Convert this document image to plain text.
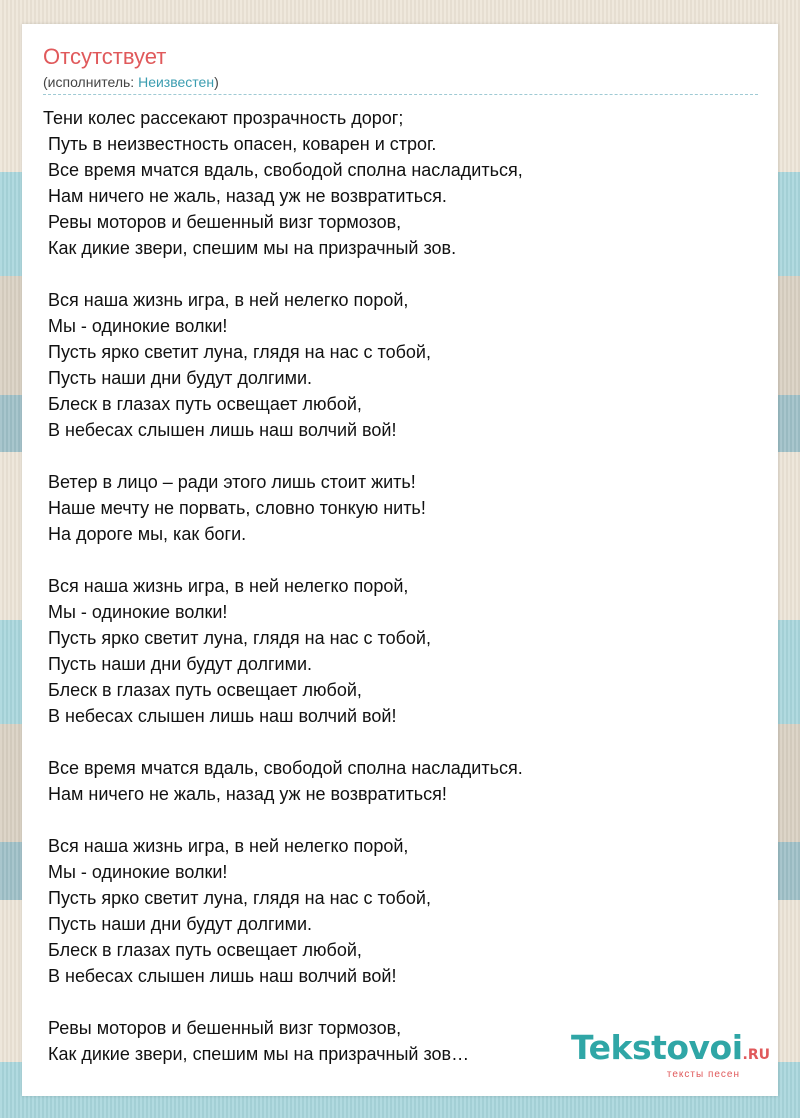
Отсутствует
(исполнитель: Неизвестен)
Тени колес рассекают прозрачность дорог;
Путь в неизвестность опасен, коварен и строг.
Все время мчатся вдаль, свободой сполна насладиться,
Нам ничего не жаль, назад уж не возвратиться.
Ревы моторов и бешенный визг тормозов,
Как дикие звери, спешим мы на призрачный зов.
Вся наша жизнь игра, в ней нелегко порой,
Мы - одинокие волки!
Пусть ярко светит луна, глядя на нас с тобой,
Пусть наши дни будут долгими.
Блеск в глазах путь освещает любой,
В небесах слышен лишь наш волчий вой!
Ветер в лицо – ради этого лишь стоит жить!
Наше мечту не порвать, словно тонкую нить!
На дороге мы, как боги.
Вся наша жизнь игра, в ней нелегко порой,
Мы - одинокие волки!
Пусть ярко светит луна, глядя на нас с тобой,
Пусть наши дни будут долгими.
Блеск в глазах путь освещает любой,
В небесах слышен лишь наш волчий вой!
Все время мчатся вдаль, свободой сполна насладиться.
Нам ничего не жаль, назад уж не возвратиться!
Вся наша жизнь игра, в ней нелегко порой,
Мы - одинокие волки!
Пусть ярко светит луна, глядя на нас с тобой,
Пусть наши дни будут долгими.
Блеск в глазах путь освещает любой,
В небесах слышен лишь наш волчий вой!
Ревы моторов и бешенный визг тормозов,
Как дикие звери, спешим мы на призрачный зов…	Tekstovoi.RU
тексты песен
